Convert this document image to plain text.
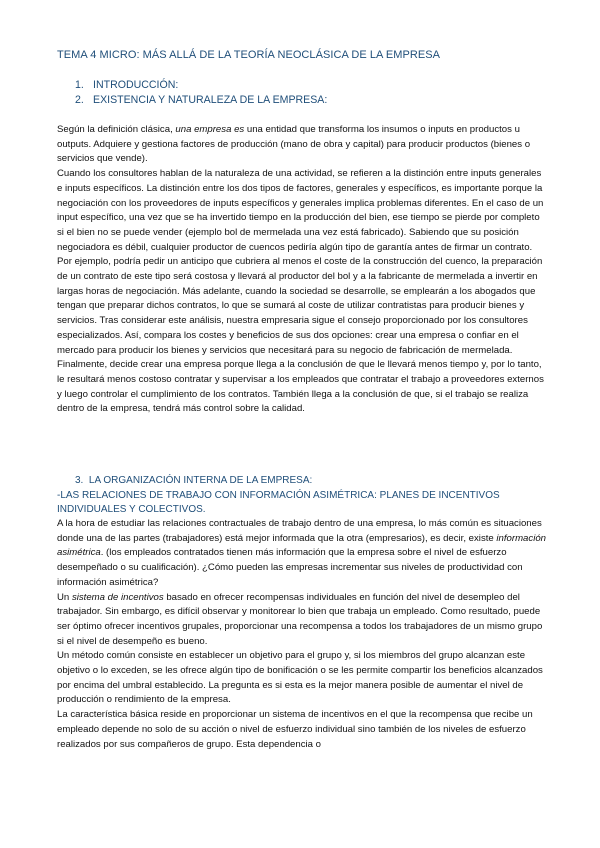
TEMA 4 MICRO: MÁS ALLÁ DE LA TEORÍA NEOCLÁSICA DE LA EMPRESA
1. INTRODUCCIÓN:
2. EXISTENCIA Y NATURALEZA DE LA EMPRESA:

Según la definición clásica, una empresa es una entidad que transforma los insumos o inputs en productos u outputs. Adquiere y gestiona factores de producción (mano de obra y capital) para producir productos (bienes o servicios que vende).

Cuando los consultores hablan de la naturaleza de una actividad, se refieren a la distinción entre inputs generales e inputs específicos. La distinción entre los dos tipos de factores, generales y específicos, es importante porque la negociación con los proveedores de inputs específicos y generales implica problemas diferentes. En el caso de un input específico, una vez que se ha invertido tiempo en la producción del bien, ese tiempo se pierde por completo si el bien no se puede vender (ejemplo bol de mermelada una vez está fabricado). Sabiendo que su posición negociadora es débil, cualquier productor de cuencos pediría algún tipo de garantía antes de firmar un contrato. Por ejemplo, podría pedir un anticipo que cubriera al menos el coste de la construcción del cuenco, la preparación de un contrato de este tipo será costosa y llevará al productor del bol y a la fabricante de mermelada a invertir en largas horas de negociación. Más adelante, cuando la sociedad se desarrolle, se emplearán a los abogados que tengan que preparar dichos contratos, lo que se sumará al coste de utilizar contratistas para producir bienes y servicios. Tras considerar este análisis, nuestra empresaria sigue el consejo proporcionado por los consultores especializados. Así, compara los costes y beneficios de sus dos opciones: crear una empresa o confiar en el mercado para producir los bienes y servicios que necesitará para su negocio de fabricación de mermelada. Finalmente, decide crear una empresa porque llega a la conclusión de que le llevará menos tiempo y, por lo tanto, le resultará menos costoso contratar y supervisar a los empleados que contratar el trabajo a proveedores externos y luego controlar el cumplimiento de los contratos. También llega a la conclusión de que, si el trabajo se realiza dentro de la empresa, tendrá más control sobre la calidad.

3. LA ORGANIZACIÓN INTERNA DE LA EMPRESA:
-LAS RELACIONES DE TRABAJO CON INFORMACIÓN ASIMÉTRICA: PLANES DE INCENTIVOS INDIVIDUALES Y COLECTIVOS.

A la hora de estudiar las relaciones contractuales de trabajo dentro de una empresa, lo más común es situaciones donde una de las partes (trabajadores) está mejor informada que la otra (empresarios), es decir, existe información asimétrica. (los empleados contratados tienen más información que la empresa sobre el nivel de esfuerzo desempeñado o su cualificación). ¿Cómo pueden las empresas incrementar sus niveles de productividad con información asimétrica?

Un sistema de incentivos basado en ofrecer recompensas individuales en función del nivel de desempleo del trabajador. Sin embargo, es difícil observar y monitorear lo bien que trabaja un empleado. Como resultado, puede ser óptimo ofrecer incentivos grupales, proporcionar una recompensa a todos los trabajadores de un mismo grupo si el nivel de desempeño es bueno.

Un método común consiste en establecer un objetivo para el grupo y, si los miembros del grupo alcanzan este objetivo o lo exceden, se les ofrece algún tipo de bonificación o se les permite compartir los beneficios alcanzados por encima del umbral establecido. La pregunta es si esta es la mejor manera posible de aumentar el nivel de producción o rendimiento de la empresa.

La característica básica reside en proporcionar un sistema de incentivos en el que la recompensa que recibe un empleado depende no solo de su acción o nivel de esfuerzo individual sino también de los niveles de esfuerzo realizados por sus compañeros de grupo. Esta dependencia o
